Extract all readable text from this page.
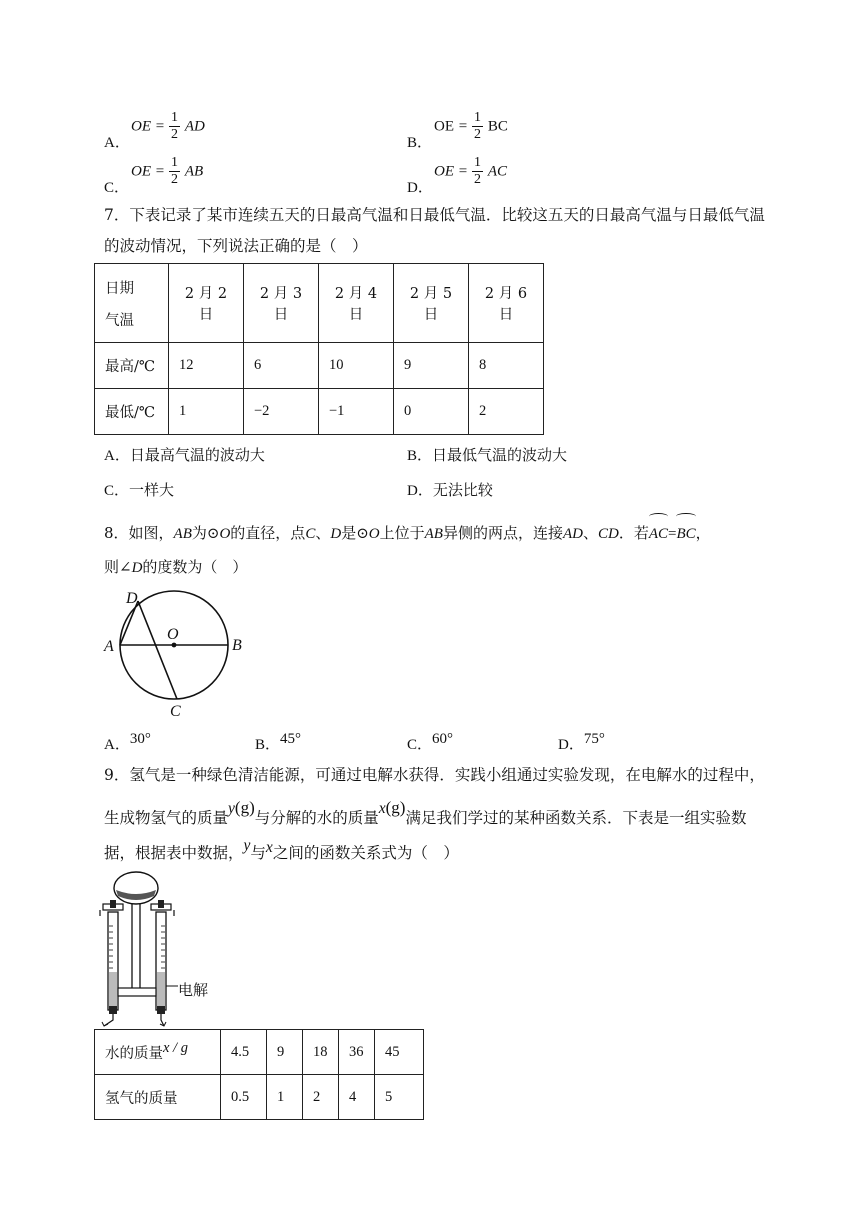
A．
OE = $\frac{1}{2}$ AD
B．
OE = $\frac{1}{2}$ BC
C．
OE = $\frac{1}{2}$ AB
D．
OE = $\frac{1}{2}$ AC
7．下表记录了某市连续五天的日最高气温和日最低气温．比较这五天的日最高气温与日最低气温
的波动情况，下列说法正确的是（　）
日期
气温	2 月 2 日	2 月 3 日	2 月 4 日	2 月 5 日	2 月 6 日
最高/℃	12	6	10	9	8
最低/℃	1	−2	−1	0	2
A．日最高气温的波动大	B．日最低气温的波动大
C．一样大	D．无法比较
8．如图，AB为⊙O的直径，点C、D是⊙O上位于AB异侧的两点，连接AD、CD．若
AC=
BC，
则∠D的度数为（　）
D
O
A	B
C
A．30°	B．45°	C．60°	D．75°
9．氢气是一种绿色清洁能源，可通过电解水获得．实践小组通过实验发现，在电解水的过程中，
生成物氢气的质量y(g)与分解的水的质量x(g)满足我们学过的某种函数关系．下表是一组实验数
据，根据表中数据，y与x之间的函数关系式为（　）
电解
水的质量x / g	4.5	9	18	36	45
氢气的质量	0.5	1	2	4	5
